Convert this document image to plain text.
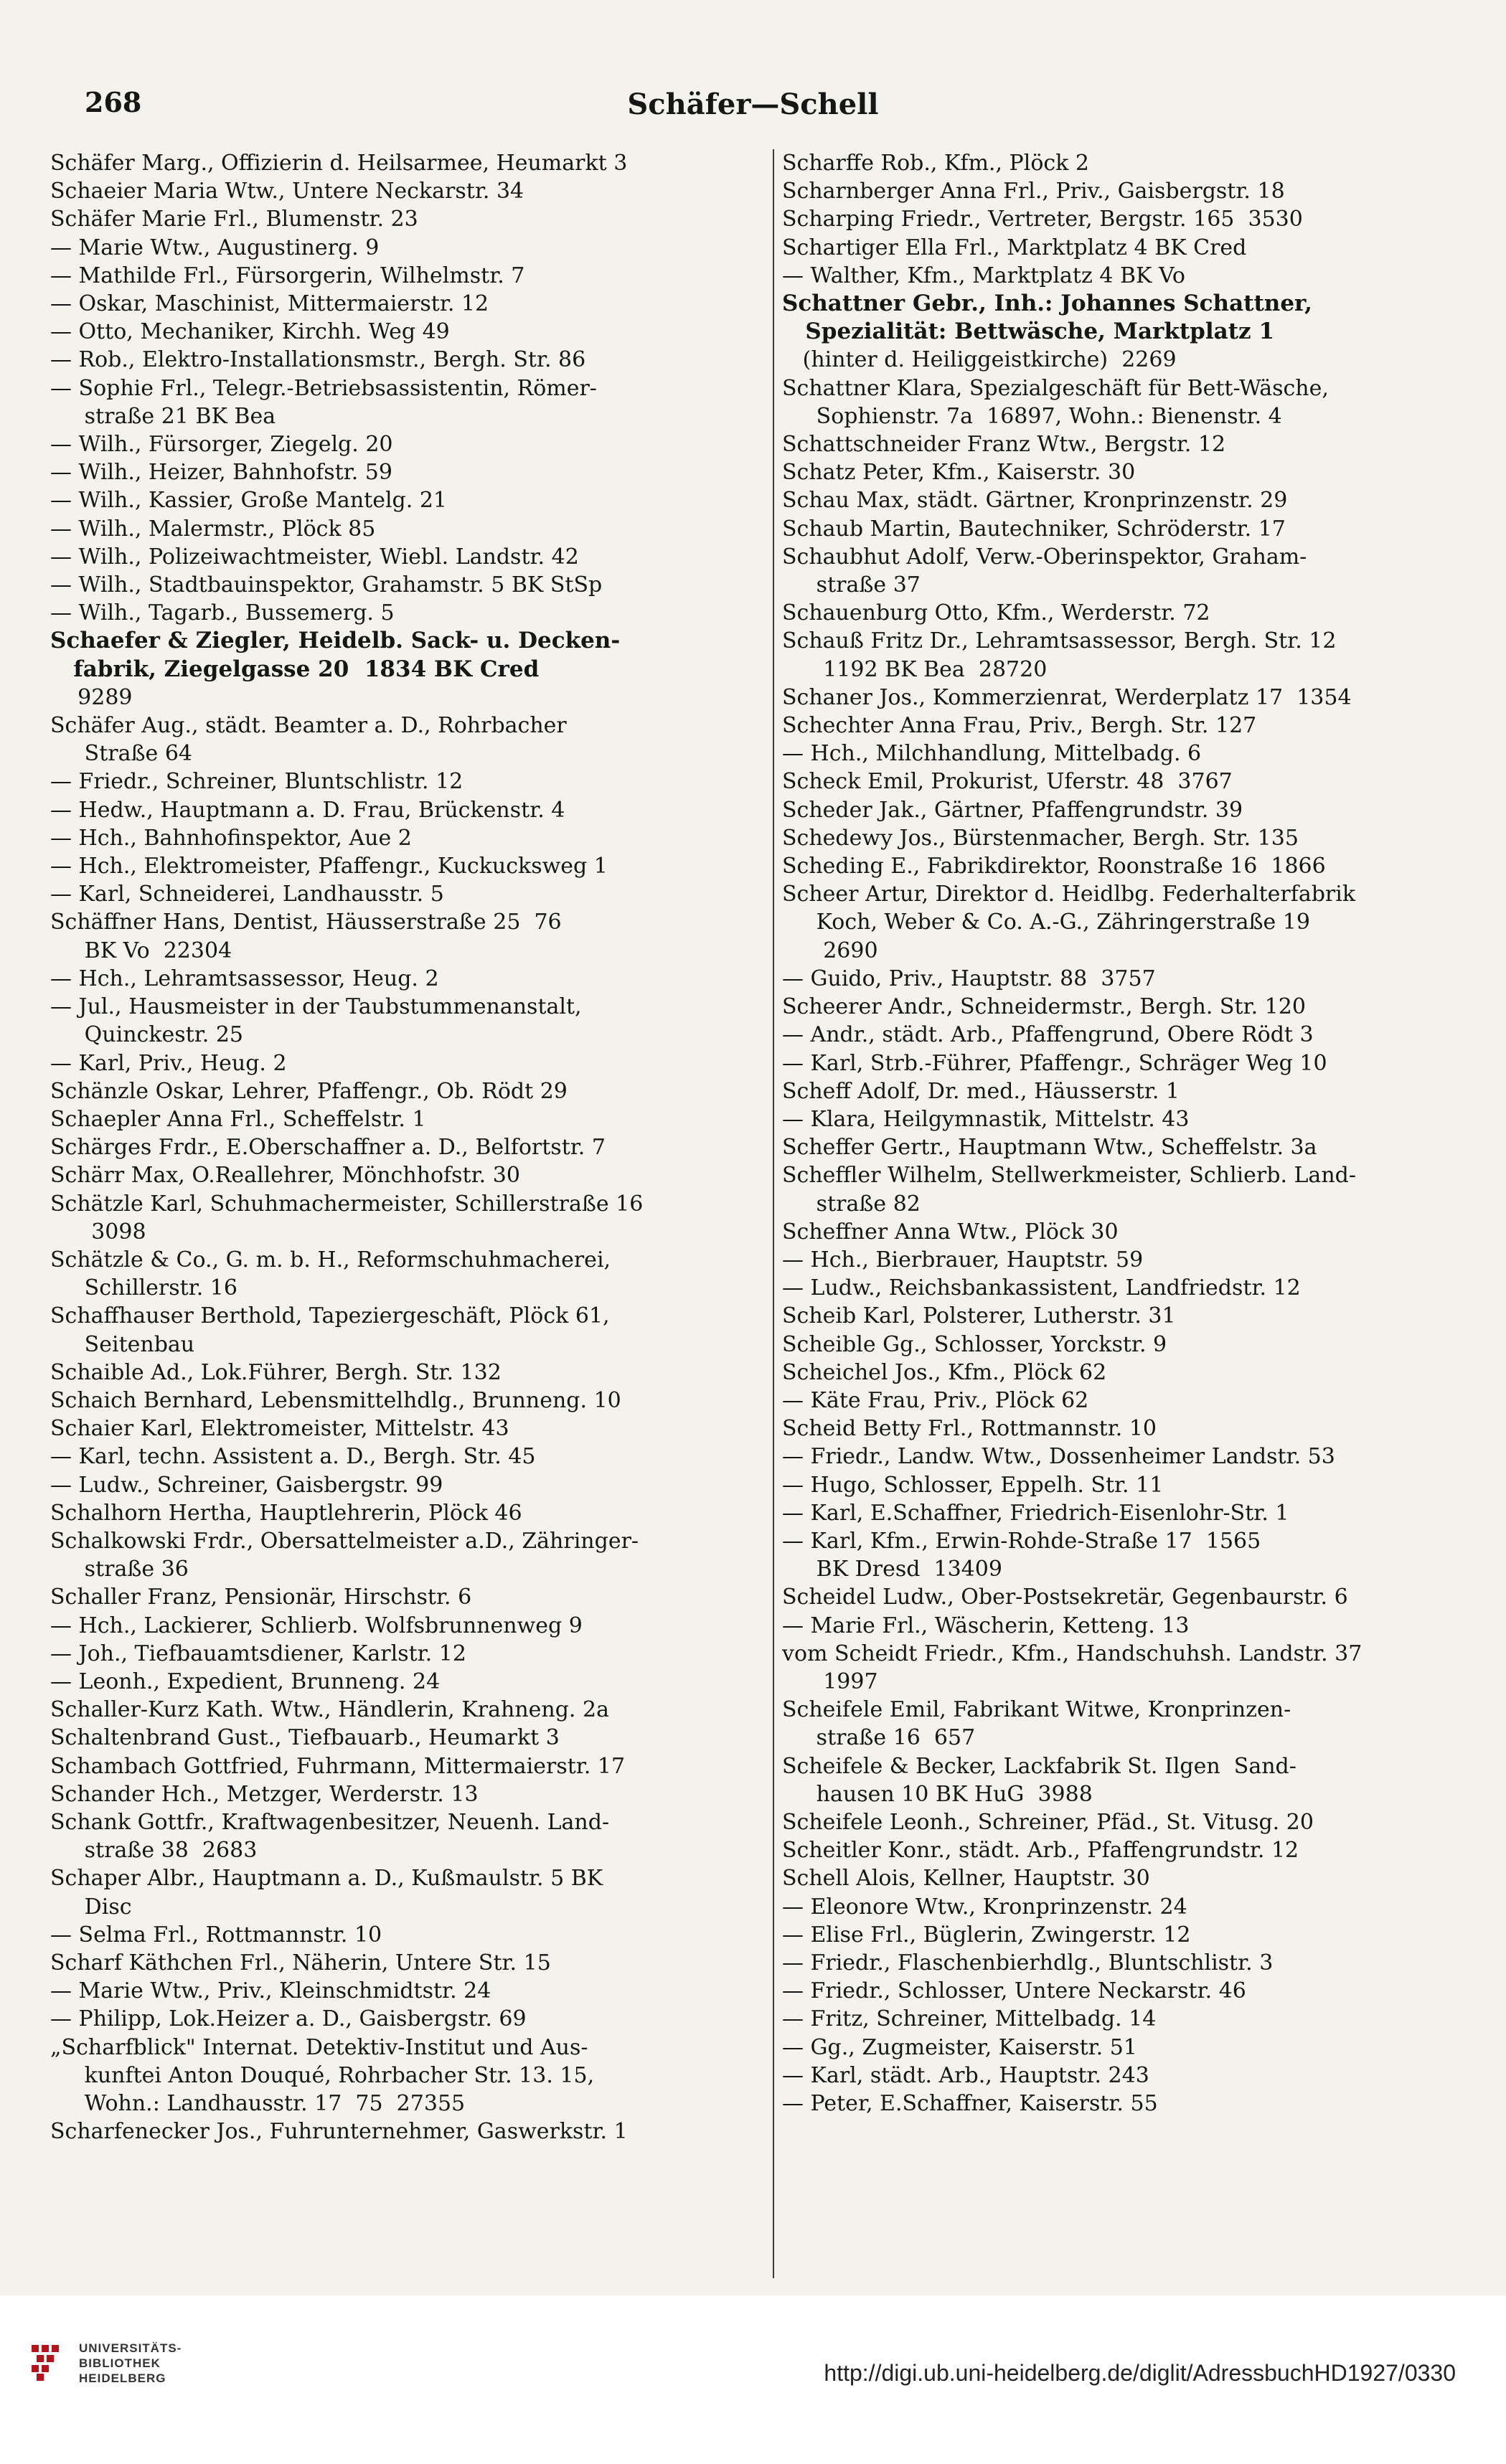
268	Schäfer—Schell
Schäfer Marg., Offizierin d. Heilsarmee, Heumarkt 3
Schaeier Maria Wtw., Untere Neckarstr. 34
Schäfer Marie Frl., Blumenstr. 23
— Marie Wtw., Augustinerg. 9
— Mathilde Frl., Fürsorgerin, Wilhelmstr. 7
— Oskar, Maschinist, Mittermaierstr. 12
— Otto, Mechaniker, Kirchh. Weg 49
— Rob., Elektro-Installationsmstr., Bergh. Str. 86
— Sophie Frl., Telegr.-Betriebsassistentin, Römer-
straße 21 BK Bea
— Wilh., Fürsorger, Ziegelg. 20
— Wilh., Heizer, Bahnhofstr. 59
— Wilh., Kassier, Große Mantelg. 21
— Wilh., Malermstr., Plöck 85
— Wilh., Polizeiwachtmeister, Wiebl. Landstr. 42
— Wilh., Stadtbauinspektor, Grahamstr. 5 BK StSp
— Wilh., Tagarb., Bussemerg. 5
Schaefer & Ziegler, Heidelb. Sack- u. Decken-
fabrik, Ziegelgasse 20  1834 BK Cred
9289
Schäfer Aug., städt. Beamter a. D., Rohrbacher
Straße 64
— Friedr., Schreiner, Bluntschlistr. 12
— Hedw., Hauptmann a. D. Frau, Brückenstr. 4
— Hch., Bahnhofinspektor, Aue 2
— Hch., Elektromeister, Pfaffengr., Kuckucksweg 1
— Karl, Schneiderei, Landhausstr. 5
Schäffner Hans, Dentist, Häusserstraße 25  76
BK Vo  22304
— Hch., Lehramtsassessor, Heug. 2
— Jul., Hausmeister in der Taubstummenanstalt,
Quinckestr. 25
— Karl, Priv., Heug. 2
Schänzle Oskar, Lehrer, Pfaffengr., Ob. Rödt 29
Schaepler Anna Frl., Scheffelstr. 1
Schärges Frdr., E.Oberschaffner a. D., Belfortstr. 7
Schärr Max, O.Reallehrer, Mönchhofstr. 30
Schätzle Karl, Schuhmachermeister, Schillerstraße 16
3098
Schätzle & Co., G. m. b. H., Reformschuhmacherei,
Schillerstr. 16
Schaffhauser Berthold, Tapeziergeschäft, Plöck 61,
Seitenbau
Schaible Ad., Lok.Führer, Bergh. Str. 132
Schaich Bernhard, Lebensmittelhdlg., Brunneng. 10
Schaier Karl, Elektromeister, Mittelstr. 43
— Karl, techn. Assistent a. D., Bergh. Str. 45
— Ludw., Schreiner, Gaisbergstr. 99
Schalhorn Hertha, Hauptlehrerin, Plöck 46
Schalkowski Frdr., Obersattelmeister a.D., Zähringer-
straße 36
Schaller Franz, Pensionär, Hirschstr. 6
— Hch., Lackierer, Schlierb. Wolfsbrunnenweg 9
— Joh., Tiefbauamtsdiener, Karlstr. 12
— Leonh., Expedient, Brunneng. 24
Schaller-Kurz Kath. Wtw., Händlerin, Krahneng. 2a
Schaltenbrand Gust., Tiefbauarb., Heumarkt 3
Schambach Gottfried, Fuhrmann, Mittermaierstr. 17
Schander Hch., Metzger, Werderstr. 13
Schank Gottfr., Kraftwagenbesitzer, Neuenh. Land-
straße 38  2683
Schaper Albr., Hauptmann a. D., Kußmaulstr. 5 BK
Disc
— Selma Frl., Rottmannstr. 10
Scharf Käthchen Frl., Näherin, Untere Str. 15
— Marie Wtw., Priv., Kleinschmidtstr. 24
— Philipp, Lok.Heizer a. D., Gaisbergstr. 69
„Scharfblick" Internat. Detektiv-Institut und Aus-
kunftei Anton Douqué, Rohrbacher Str. 13. 15,
Wohn.: Landhausstr. 17  75  27355
Scharfenecker Jos., Fuhrunternehmer, Gaswerkstr. 1
Scharffe Rob., Kfm., Plöck 2
Scharnberger Anna Frl., Priv., Gaisbergstr. 18
Scharping Friedr., Vertreter, Bergstr. 165  3530
Schartiger Ella Frl., Marktplatz 4 BK Cred
— Walther, Kfm., Marktplatz 4 BK Vo
Schattner Gebr., Inh.: Johannes Schattner,
Spezialität: Bettwäsche, Marktplatz 1
(hinter d. Heiliggeistkirche)  2269
Schattner Klara, Spezialgeschäft für Bett-Wäsche,
Sophienstr. 7a  16897, Wohn.: Bienenstr. 4
Schattschneider Franz Wtw., Bergstr. 12
Schatz Peter, Kfm., Kaiserstr. 30
Schau Max, städt. Gärtner, Kronprinzenstr. 29
Schaub Martin, Bautechniker, Schröderstr. 17
Schaubhut Adolf, Verw.-Oberinspektor, Graham-
straße 37
Schauenburg Otto, Kfm., Werderstr. 72
Schauß Fritz Dr., Lehramtsassessor, Bergh. Str. 12
1192 BK Bea  28720
Schaner Jos., Kommerzienrat, Werderplatz 17  1354
Schechter Anna Frau, Priv., Bergh. Str. 127
— Hch., Milchhandlung, Mittelbadg. 6
Scheck Emil, Prokurist, Uferstr. 48  3767
Scheder Jak., Gärtner, Pfaffengrundstr. 39
Schedewy Jos., Bürstenmacher, Bergh. Str. 135
Scheding E., Fabrikdirektor, Roonstraße 16  1866
Scheer Artur, Direktor d. Heidlbg. Federhalterfabrik
Koch, Weber & Co. A.-G., Zähringerstraße 19
2690
— Guido, Priv., Hauptstr. 88  3757
Scheerer Andr., Schneidermstr., Bergh. Str. 120
— Andr., städt. Arb., Pfaffengrund, Obere Rödt 3
— Karl, Strb.-Führer, Pfaffengr., Schräger Weg 10
Scheff Adolf, Dr. med., Häusserstr. 1
— Klara, Heilgymnastik, Mittelstr. 43
Scheffer Gertr., Hauptmann Wtw., Scheffelstr. 3a
Scheffler Wilhelm, Stellwerkmeister, Schlierb. Land-
straße 82
Scheffner Anna Wtw., Plöck 30
— Hch., Bierbrauer, Hauptstr. 59
— Ludw., Reichsbankassistent, Landfriedstr. 12
Scheib Karl, Polsterer, Lutherstr. 31
Scheible Gg., Schlosser, Yorckstr. 9
Scheichel Jos., Kfm., Plöck 62
— Käte Frau, Priv., Plöck 62
Scheid Betty Frl., Rottmannstr. 10
— Friedr., Landw. Wtw., Dossenheimer Landstr. 53
— Hugo, Schlosser, Eppelh. Str. 11
— Karl, E.Schaffner, Friedrich-Eisenlohr-Str. 1
— Karl, Kfm., Erwin-Rohde-Straße 17  1565
BK Dresd  13409
Scheidel Ludw., Ober-Postsekretär, Gegenbaurstr. 6
— Marie Frl., Wäscherin, Ketteng. 13
vom Scheidt Friedr., Kfm., Handschuhsh. Landstr. 37
1997
Scheifele Emil, Fabrikant Witwe, Kronprinzen-
straße 16  657
Scheifele & Becker, Lackfabrik St. Ilgen  Sand-
hausen 10 BK HuG  3988
Scheifele Leonh., Schreiner, Pfäd., St. Vitusg. 20
Scheitler Konr., städt. Arb., Pfaffengrundstr. 12
Schell Alois, Kellner, Hauptstr. 30
— Eleonore Wtw., Kronprinzenstr. 24
— Elise Frl., Büglerin, Zwingerstr. 12
— Friedr., Flaschenbierhdlg., Bluntschlistr. 3
— Friedr., Schlosser, Untere Neckarstr. 46
— Fritz, Schreiner, Mittelbadg. 14
— Gg., Zugmeister, Kaiserstr. 51
— Karl, städt. Arb., Hauptstr. 243
— Peter, E.Schaffner, Kaiserstr. 55
UNIVERSITÄTS-
BIBLIOTHEK
HEIDELBERG	http://digi.ub.uni-heidelberg.de/diglit/AdressbuchHD1927/0330
